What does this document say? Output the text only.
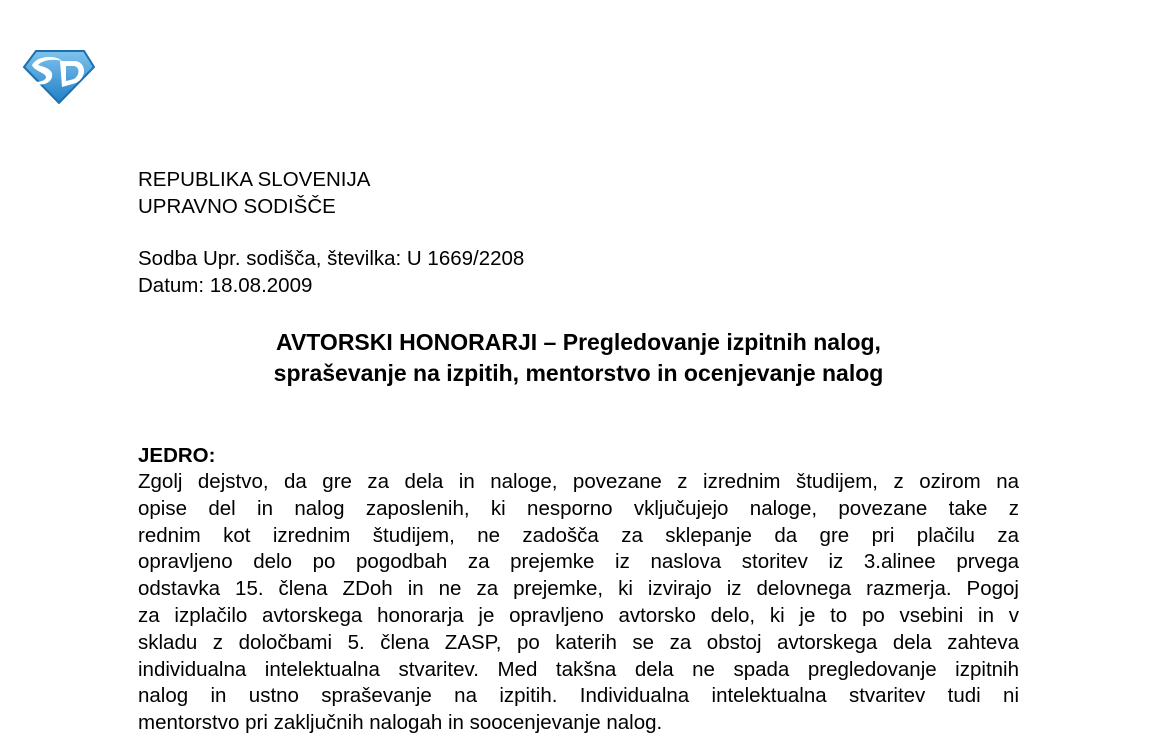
REPUBLIKA SLOVENIJA
UPRAVNO SODIŠČE
Sodba Upr. sodišča, številka: U 1669/2208
Datum: 18.08.2009
AVTORSKI HONORARJI – Pregledovanje izpitnih nalog,
spraševanje na izpitih, mentorstvo in ocenjevanje nalog
JEDRO:
Zgolj dejstvo, da gre za dela in naloge, povezane z izrednim študijem, z ozirom na
opise del in nalog zaposlenih, ki nesporno vključujejo naloge, povezane take z
rednim kot izrednim študijem, ne zadošča za sklepanje da gre pri plačilu za
opravljeno delo po pogodbah za prejemke iz naslova storitev iz 3.alinee prvega
odstavka 15. člena ZDoh in ne za prejemke, ki izvirajo iz delovnega razmerja. Pogoj
za izplačilo avtorskega honorarja je opravljeno avtorsko delo, ki je to po vsebini in v
skladu z določbami 5. člena ZASP, po katerih se za obstoj avtorskega dela zahteva
individualna intelektualna stvaritev. Med takšna dela ne spada pregledovanje izpitnih
nalog in ustno spraševanje na izpitih. Individualna intelektualna stvaritev tudi ni
mentorstvo pri zaključnih nalogah in soocenjevanje nalog.
